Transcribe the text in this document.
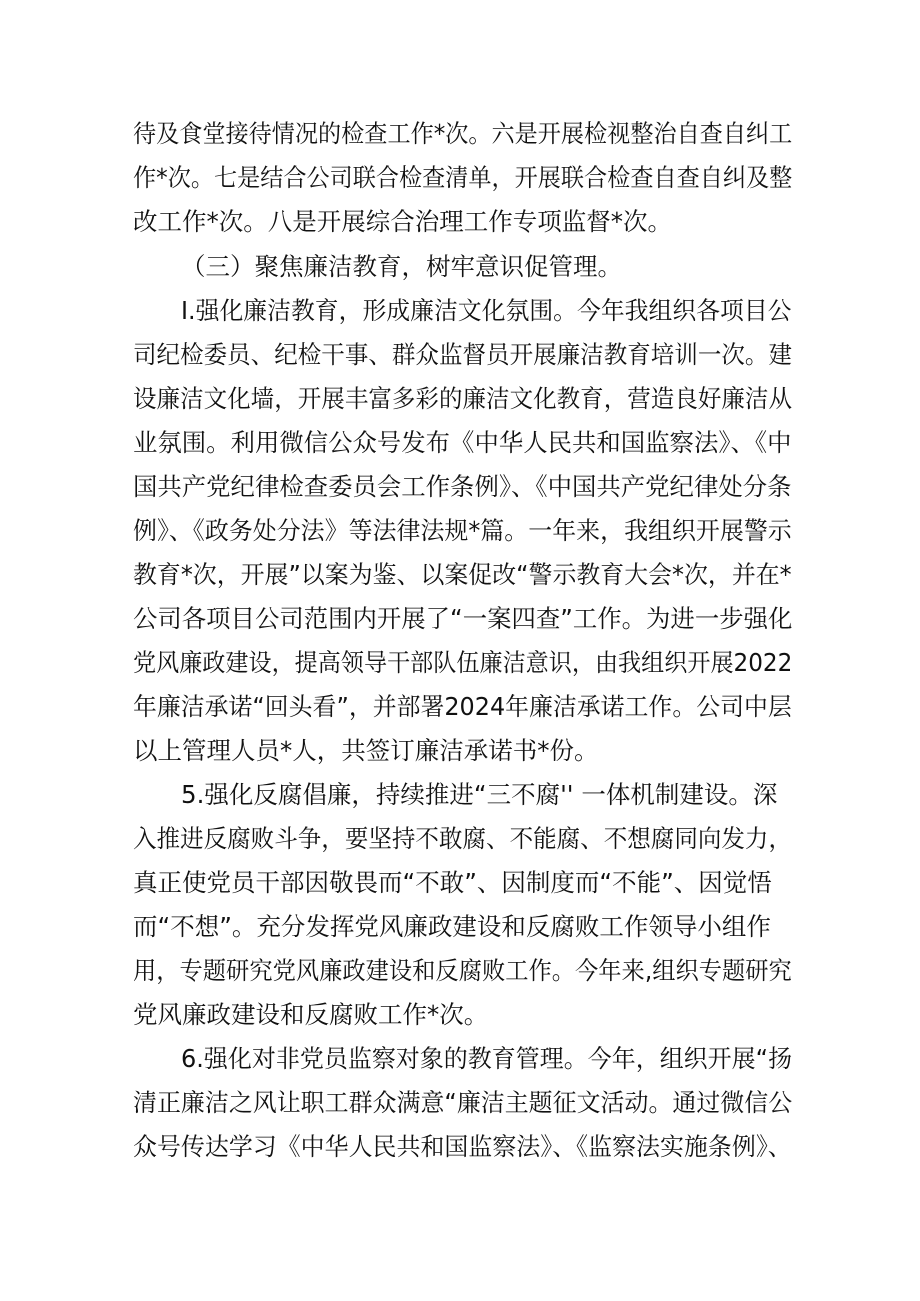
待及食堂接待情况的检查工作*次。六是开展检视整治自查自纠工
作*次。七是结合公司联合检查清单，开展联合检查自查自纠及整
改工作*次。八是开展综合治理工作专项监督*次。
（三）聚焦廉洁教育，树牢意识促管理。
I.强化廉洁教育，形成廉洁文化氛围。今年我组织各项目公
司纪检委员、纪检干事、群众监督员开展廉洁教育培训一次。建
设廉洁文化墙，开展丰富多彩的廉洁文化教育，营造良好廉洁从
业氛围。利用微信公众号发布《中华人民共和国监察法》、《中
国共产党纪律检查委员会工作条例》、《中国共产党纪律处分条
例》、《政务处分法》等法律法规*篇。一年来，我组织开展警示
教育*次，开展”以案为鉴、以案促改“警示教育大会*次，并在*
公司各项目公司范围内开展了“一案四查”工作。为进一步强化
党风廉政建设，提高领导干部队伍廉洁意识，由我组织开展2022
年廉洁承诺“回头看”，并部署2024年廉洁承诺工作。公司中层
以上管理人员*人，共签订廉洁承诺书*份。
5.强化反腐倡廉，持续推进“三不腐'' 一体机制建设。深
入推进反腐败斗争，要坚持不敢腐、不能腐、不想腐同向发力，
真正使党员干部因敬畏而“不敢”、因制度而“不能”、因觉悟
而“不想”。充分发挥党风廉政建设和反腐败工作领导小组作
用，专题研究党风廉政建设和反腐败工作。今年来,组织专题研究
党风廉政建设和反腐败工作*次。
6.强化对非党员监察对象的教育管理。今年，组织开展“扬
清正廉洁之风让职工群众满意“廉洁主题征文活动。通过微信公
众号传达学习《中华人民共和国监察法》、《监察法实施条例》、
